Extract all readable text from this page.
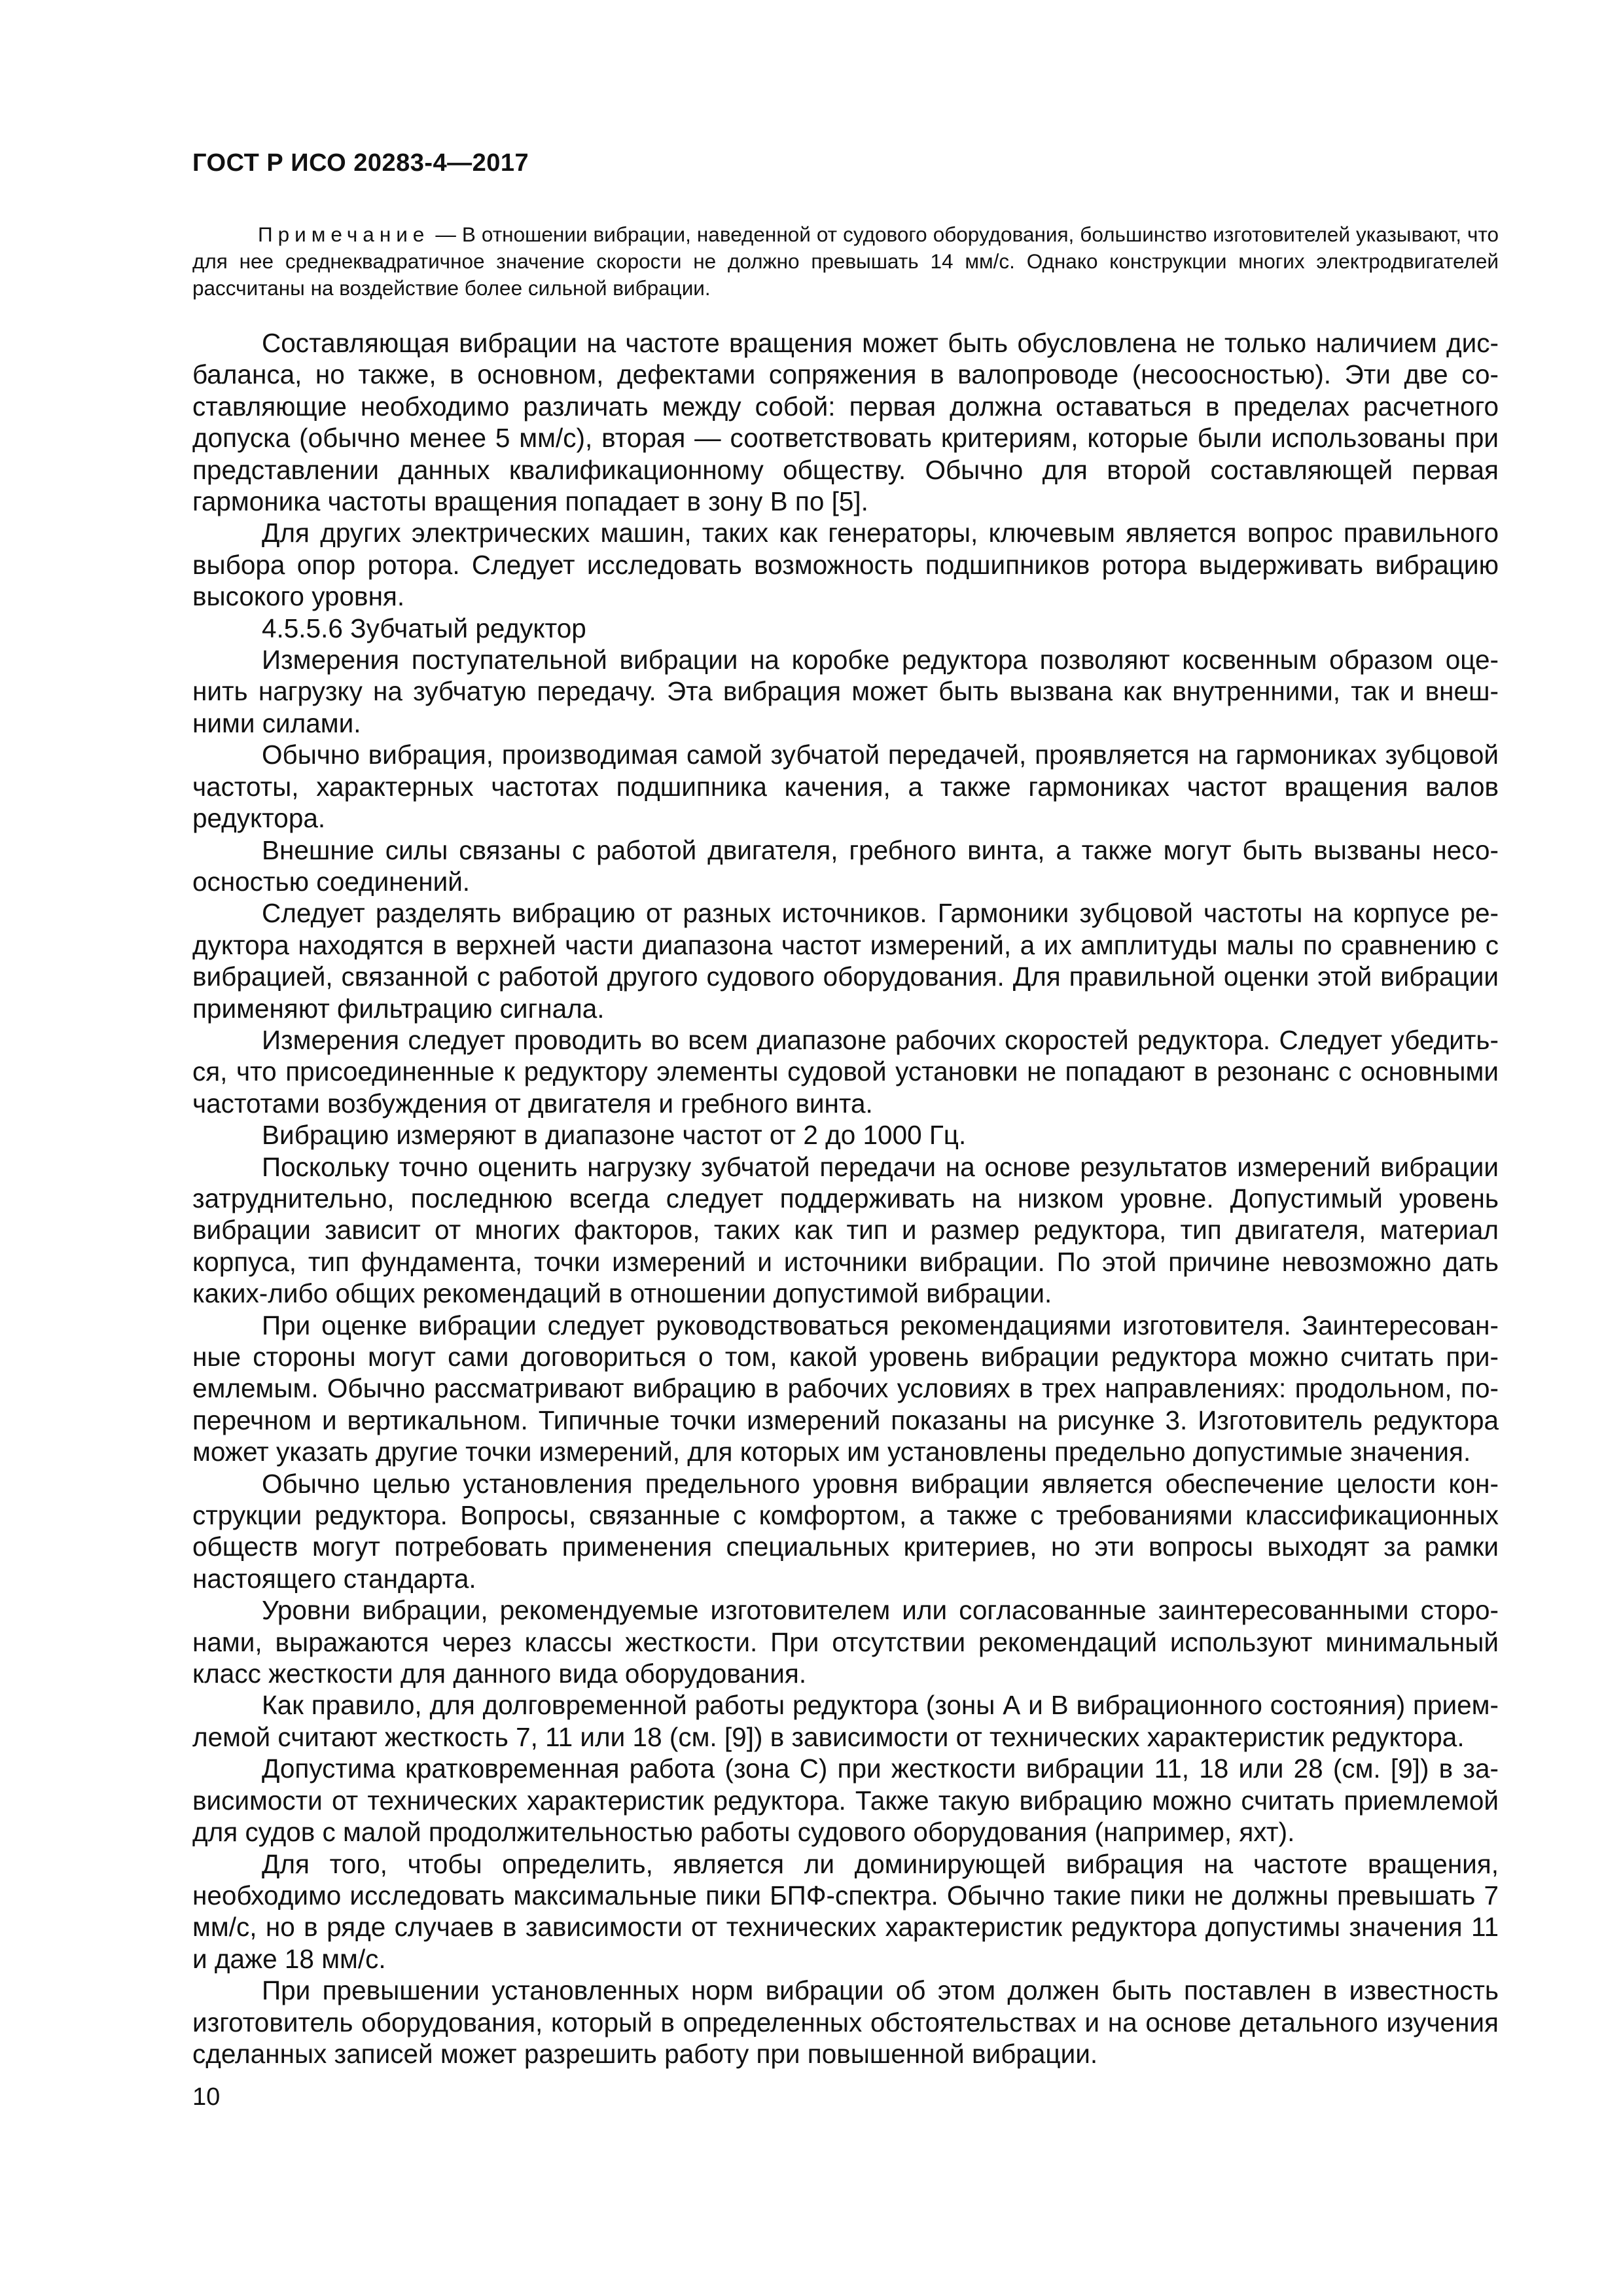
ГОСТ Р ИСО 20283-4—2017

Примечание — В отношении вибрации, наведенной от судового оборудования, большинство изготовителей указывают, что для нее среднеквадратичное значение скорости не должно превышать 14 мм/с. Однако конструкции многих электродвигателей рассчитаны на воздействие более сильной вибрации.

Составляющая вибрации на частоте вращения может быть обусловлена не только наличием дисбаланса, но также, в основном, дефектами сопряжения в валопроводе (несоосностью). Эти две составляющие необходимо различать между собой: первая должна оставаться в пределах расчетного допуска (обычно менее 5 мм/с), вторая — соответствовать критериям, которые были использованы при представлении данных квалификационному обществу. Обычно для второй составляющей первая гармоника частоты вращения попадает в зону В по [5].

Для других электрических машин, таких как генераторы, ключевым является вопрос правильного выбора опор ротора. Следует исследовать возможность подшипников ротора выдерживать вибрацию высокого уровня.

4.5.5.6 Зубчатый редуктор

Измерения поступательной вибрации на коробке редуктора позволяют косвенным образом оценить нагрузку на зубчатую передачу. Эта вибрация может быть вызвана как внутренними, так и внешними силами.

Обычно вибрация, производимая самой зубчатой передачей, проявляется на гармониках зубцовой частоты, характерных частотах подшипника качения, а также гармониках частот вращения валов редуктора.

Внешние силы связаны с работой двигателя, гребного винта, а также могут быть вызваны несоосностью соединений.

Следует разделять вибрацию от разных источников. Гармоники зубцовой частоты на корпусе редуктора находятся в верхней части диапазона частот измерений, а их амплитуды малы по сравнению с вибрацией, связанной с работой другого судового оборудования. Для правильной оценки этой вибрации применяют фильтрацию сигнала.

Измерения следует проводить во всем диапазоне рабочих скоростей редуктора. Следует убедиться, что присоединенные к редуктору элементы судовой установки не попадают в резонанс с основными частотами возбуждения от двигателя и гребного винта.

Вибрацию измеряют в диапазоне частот от 2 до 1000 Гц.

Поскольку точно оценить нагрузку зубчатой передачи на основе результатов измерений вибрации затруднительно, последнюю всегда следует поддерживать на низком уровне. Допустимый уровень вибрации зависит от многих факторов, таких как тип и размер редуктора, тип двигателя, материал корпуса, тип фундамента, точки измерений и источники вибрации. По этой причине невозможно дать каких-либо общих рекомендаций в отношении допустимой вибрации.

При оценке вибрации следует руководствоваться рекомендациями изготовителя. Заинтересованные стороны могут сами договориться о том, какой уровень вибрации редуктора можно считать приемлемым. Обычно рассматривают вибрацию в рабочих условиях в трех направлениях: продольном, поперечном и вертикальном. Типичные точки измерений показаны на рисунке 3. Изготовитель редуктора может указать другие точки измерений, для которых им установлены предельно допустимые значения.

Обычно целью установления предельного уровня вибрации является обеспечение целости конструкции редуктора. Вопросы, связанные с комфортом, а также с требованиями классификационных обществ могут потребовать применения специальных критериев, но эти вопросы выходят за рамки настоящего стандарта.

Уровни вибрации, рекомендуемые изготовителем или согласованные заинтересованными сторонами, выражаются через классы жесткости. При отсутствии рекомендаций используют минимальный класс жесткости для данного вида оборудования.

Как правило, для долговременной работы редуктора (зоны А и В вибрационного состояния) приемлемой считают жесткость 7, 11 или 18 (см. [9]) в зависимости от технических характеристик редуктора.

Допустима кратковременная работа (зона С) при жесткости вибрации 11, 18 или 28 (см. [9]) в зависимости от технических характеристик редуктора. Также такую вибрацию можно считать приемлемой для судов с малой продолжительностью работы судового оборудования (например, яхт).

Для того, чтобы определить, является ли доминирующей вибрация на частоте вращения, необходимо исследовать максимальные пики БПФ-спектра. Обычно такие пики не должны превышать 7 мм/с, но в ряде случаев в зависимости от технических характеристик редуктора допустимы значения 11 и даже 18 мм/с.

При превышении установленных норм вибрации об этом должен быть поставлен в известность изготовитель оборудования, который в определенных обстоятельствах и на основе детального изучения сделанных записей может разрешить работу при повышенной вибрации.

10
